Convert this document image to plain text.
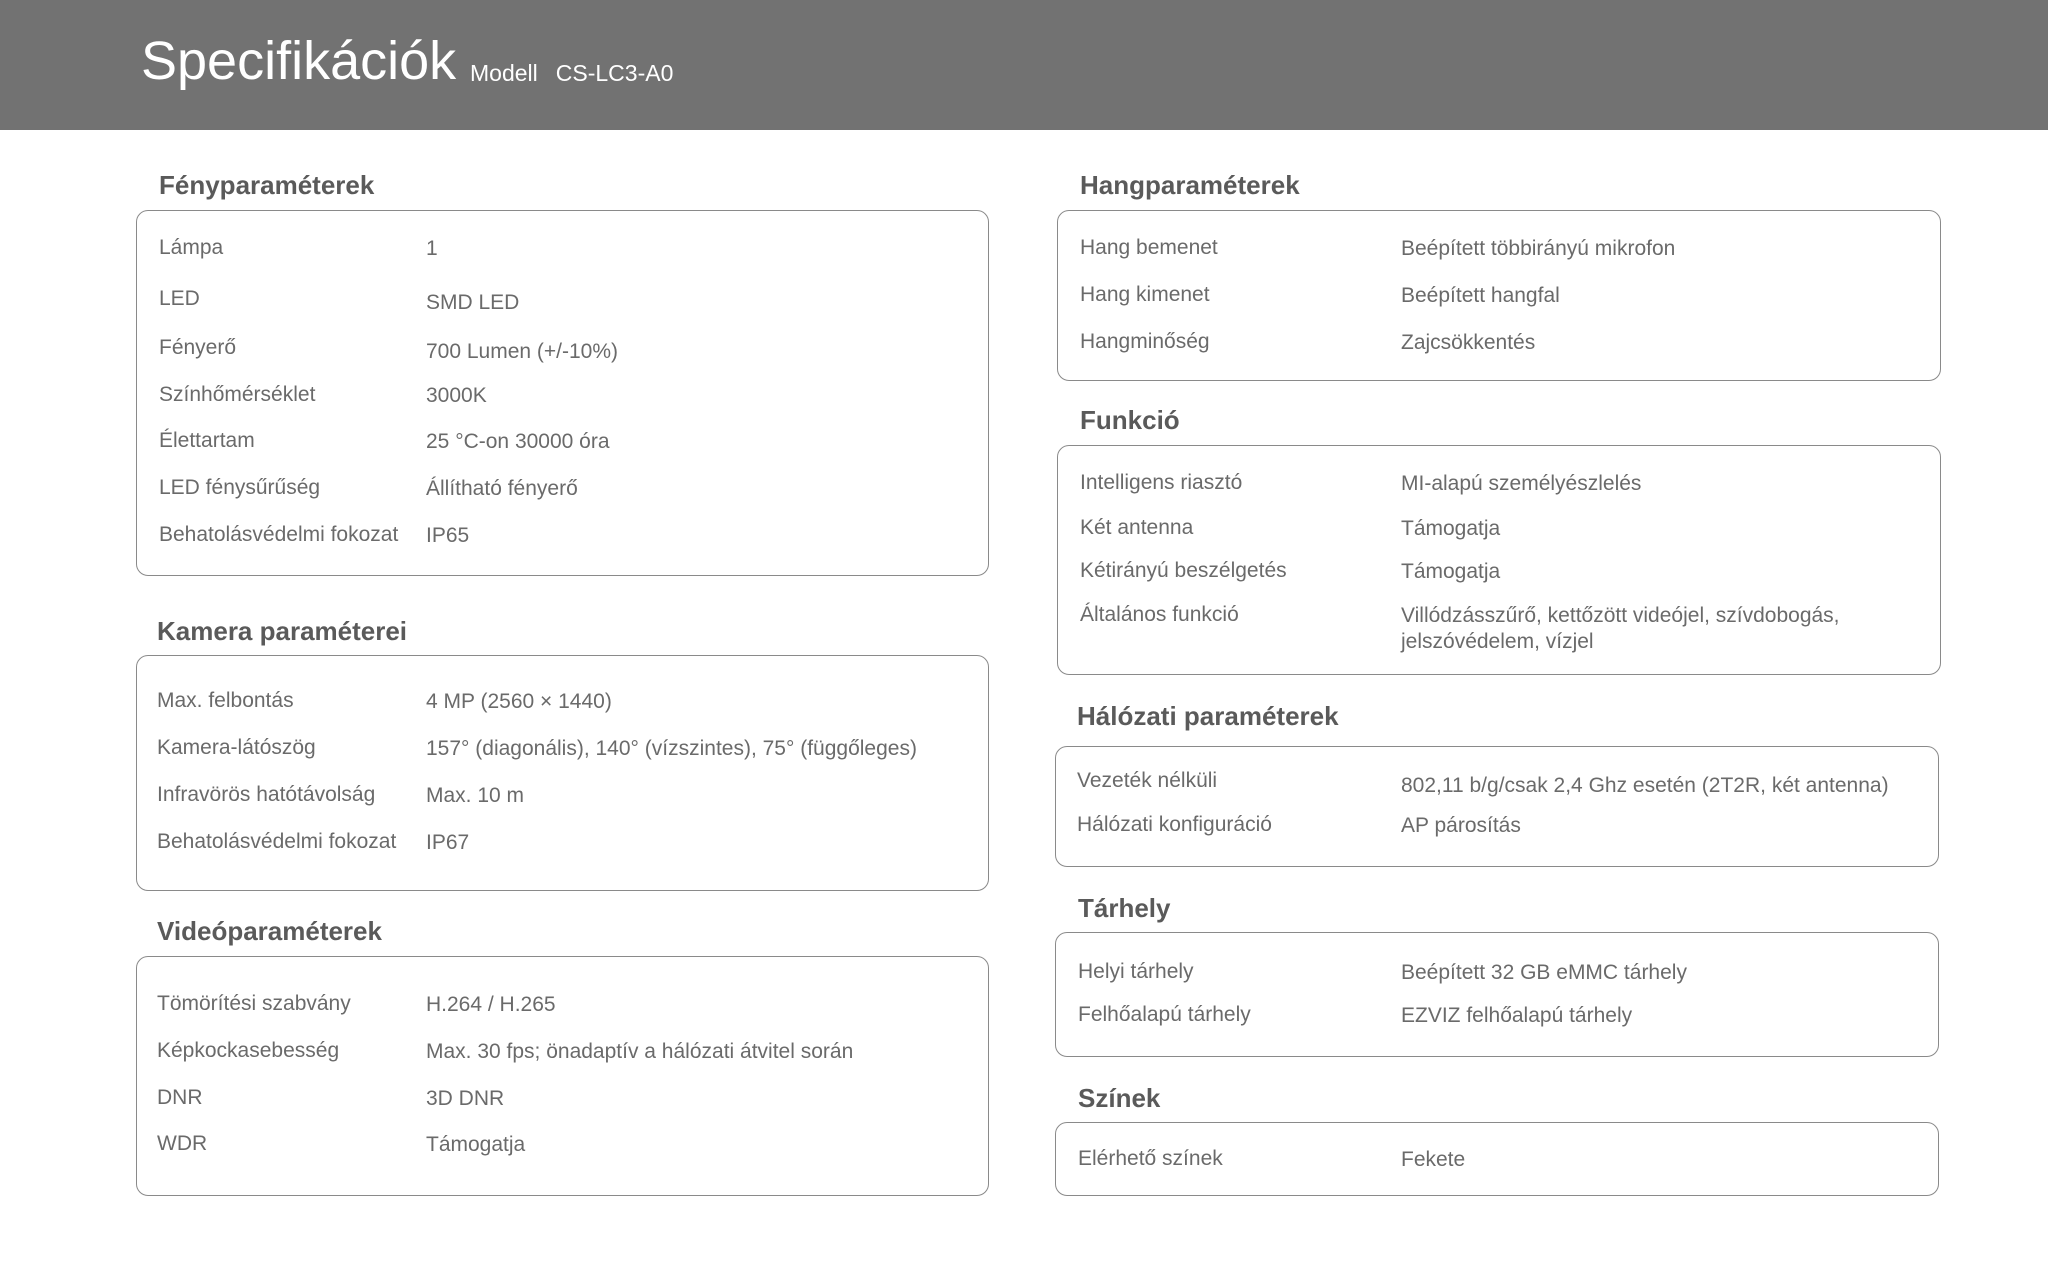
Specifikációk Modell CS-LC3-A0
Fényparaméterek
Lámpa	1
LED	SMD LED
Fényerő	700 Lumen (+/-10%)
Színhőmérséklet	3000K
Élettartam	25 °C-on 30000 óra
LED fénysűrűség	Állítható fényerő
Behatolásvédelmi fokozat IP65
Kamera paraméterei
Max. felbontás	4 MP (2560 × 1440)
Kamera-látószög	157° (diagonális), 140° (vízszintes), 75° (függőleges)
Infravörös hatótávolság Max. 10 m
Behatolásvédelmi fokozat IP67
Videóparaméterek
Tömörítési szabvány	H.264 / H.265
Képkockasebesség	Max. 30 fps; önadaptív a hálózati átvitel során
DNR	3D DNR
WDR	Támogatja
Hangparaméterek
Hang bemenet	Beépített többirányú mikrofon
Hang kimenet	Beépített hangfal
Hangminőség	Zajcsökkentés
Funkció
Intelligens riasztó	MI-alapú személyészlelés
Két antenna	Támogatja
Kétirányú beszélgetés	Támogatja
Általános funkció	Villódzásszűrő, kettőzött videójel, szívdobogás, jelszóvédelem, vízjel
Hálózati paraméterek
Vezeték nélküli	802,11 b/g/csak 2,4 Ghz esetén (2T2R, két antenna)
Hálózati konfiguráció	AP párosítás
Tárhely
Helyi tárhely	Beépített 32 GB eMMC tárhely
Felhőalapú tárhely	EZVIZ felhőalapú tárhely
Színek
Elérhető színek	Fekete
